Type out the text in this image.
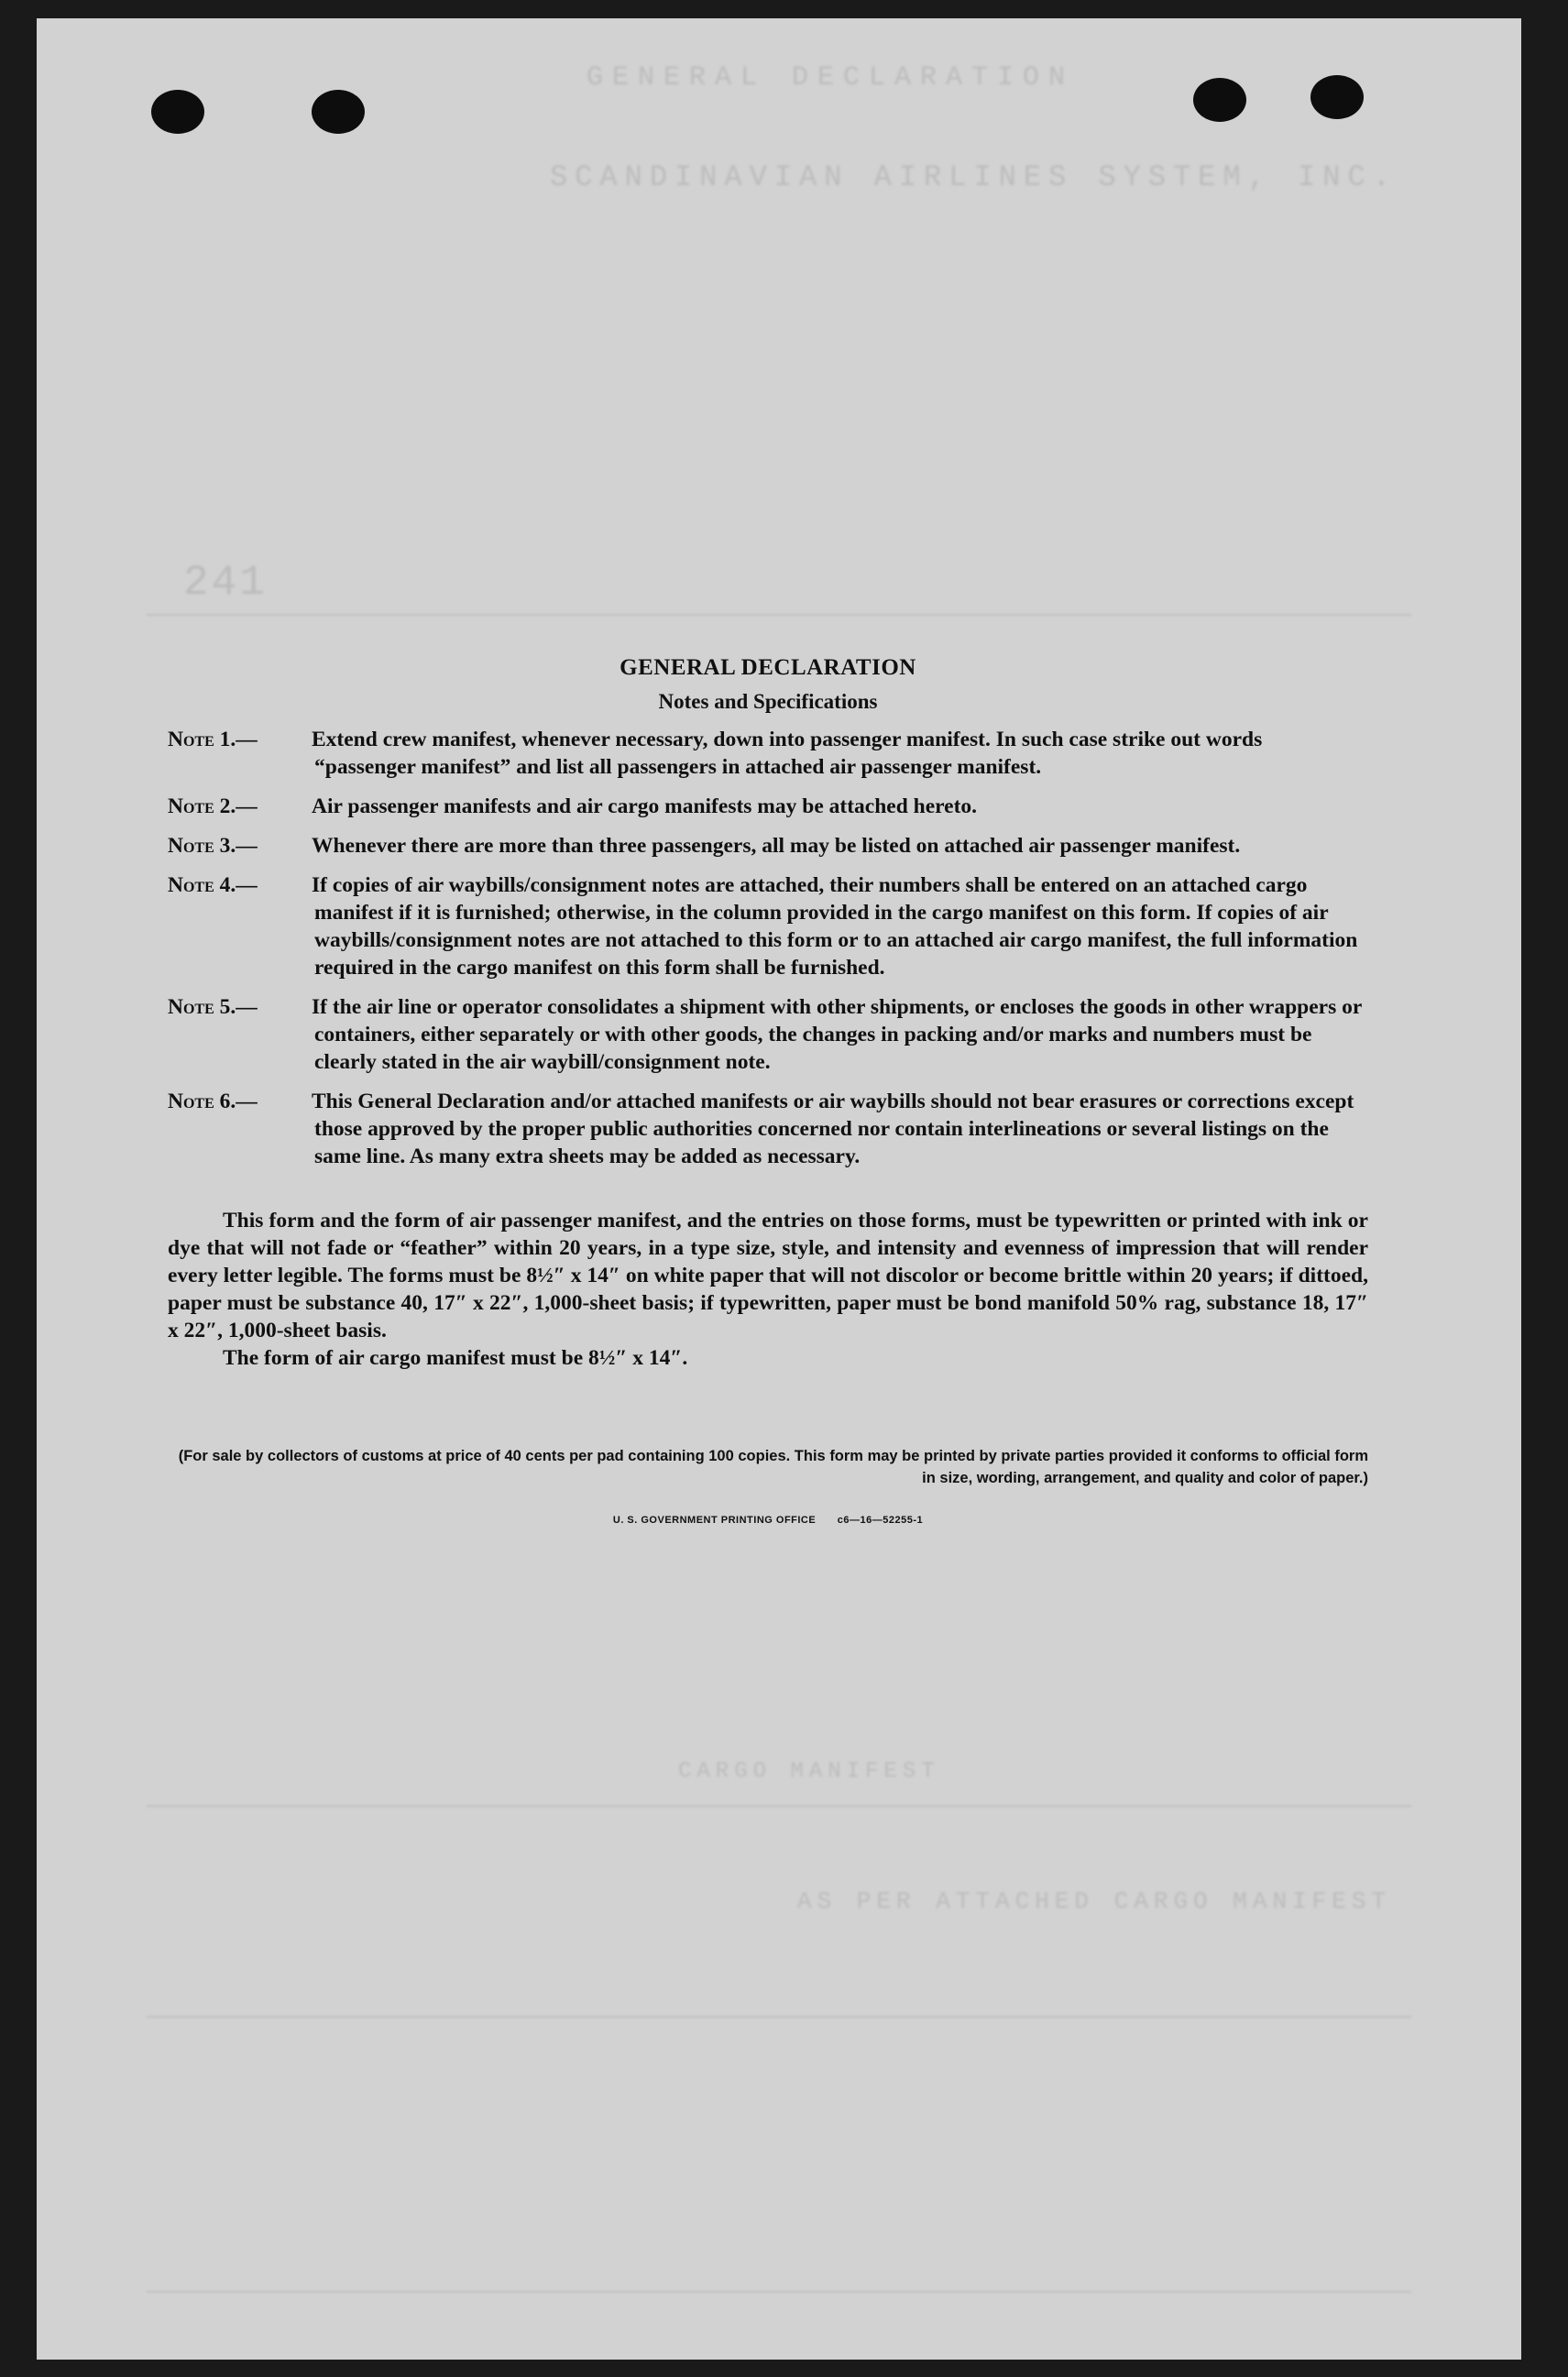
GENERAL DECLARATION
SCANDINAVIAN AIRLINES SYSTEM, INC.
241
CARGO MANIFEST
AS PER ATTACHED CARGO MANIFEST
GENERAL DECLARATION
Notes and Specifications
Note 1.—	Extend crew manifest, whenever necessary, down into passenger manifest. In such case strike out words “passenger manifest” and list all passengers in attached air passenger manifest.
Note 2.—	Air passenger manifests and air cargo manifests may be attached hereto.
Note 3.—	Whenever there are more than three passengers, all may be listed on attached air passenger manifest.
Note 4.—	If copies of air waybills/consignment notes are attached, their numbers shall be entered on an attached cargo manifest if it is furnished; otherwise, in the column provided in the cargo manifest on this form. If copies of air waybills/consignment notes are not attached to this form or to an attached air cargo manifest, the full information required in the cargo manifest on this form shall be furnished.
Note 5.—	If the air line or operator consolidates a shipment with other shipments, or encloses the goods in other wrappers or containers, either separately or with other goods, the changes in packing and/or marks and numbers must be clearly stated in the air waybill/consignment note.
Note 6.—	This General Declaration and/or attached manifests or air waybills should not bear erasures or corrections except those approved by the proper public authorities concerned nor contain interlineations or several listings on the same line. As many extra sheets may be added as necessary.
This form and the form of air passenger manifest, and the entries on those forms, must be typewritten or printed with ink or dye that will not fade or “feather” within 20 years, in a type size, style, and intensity and evenness of impression that will render every letter legible. The forms must be 8½″ x 14″ on white paper that will not discolor or become brittle within 20 years; if dittoed, paper must be substance 40, 17″ x 22″, 1,000-sheet basis; if typewritten, paper must be bond manifold 50% rag, substance 18, 17″ x 22″, 1,000-sheet basis.
The form of air cargo manifest must be 8½″ x 14″.
(For sale by collectors of customs at price of 40 cents per pad containing 100 copies. This form may be printed by private parties provided it conforms to official form in size, wording, arrangement, and quality and color of paper.)
U. S. GOVERNMENT PRINTING OFFICE c6—16—52255-1
